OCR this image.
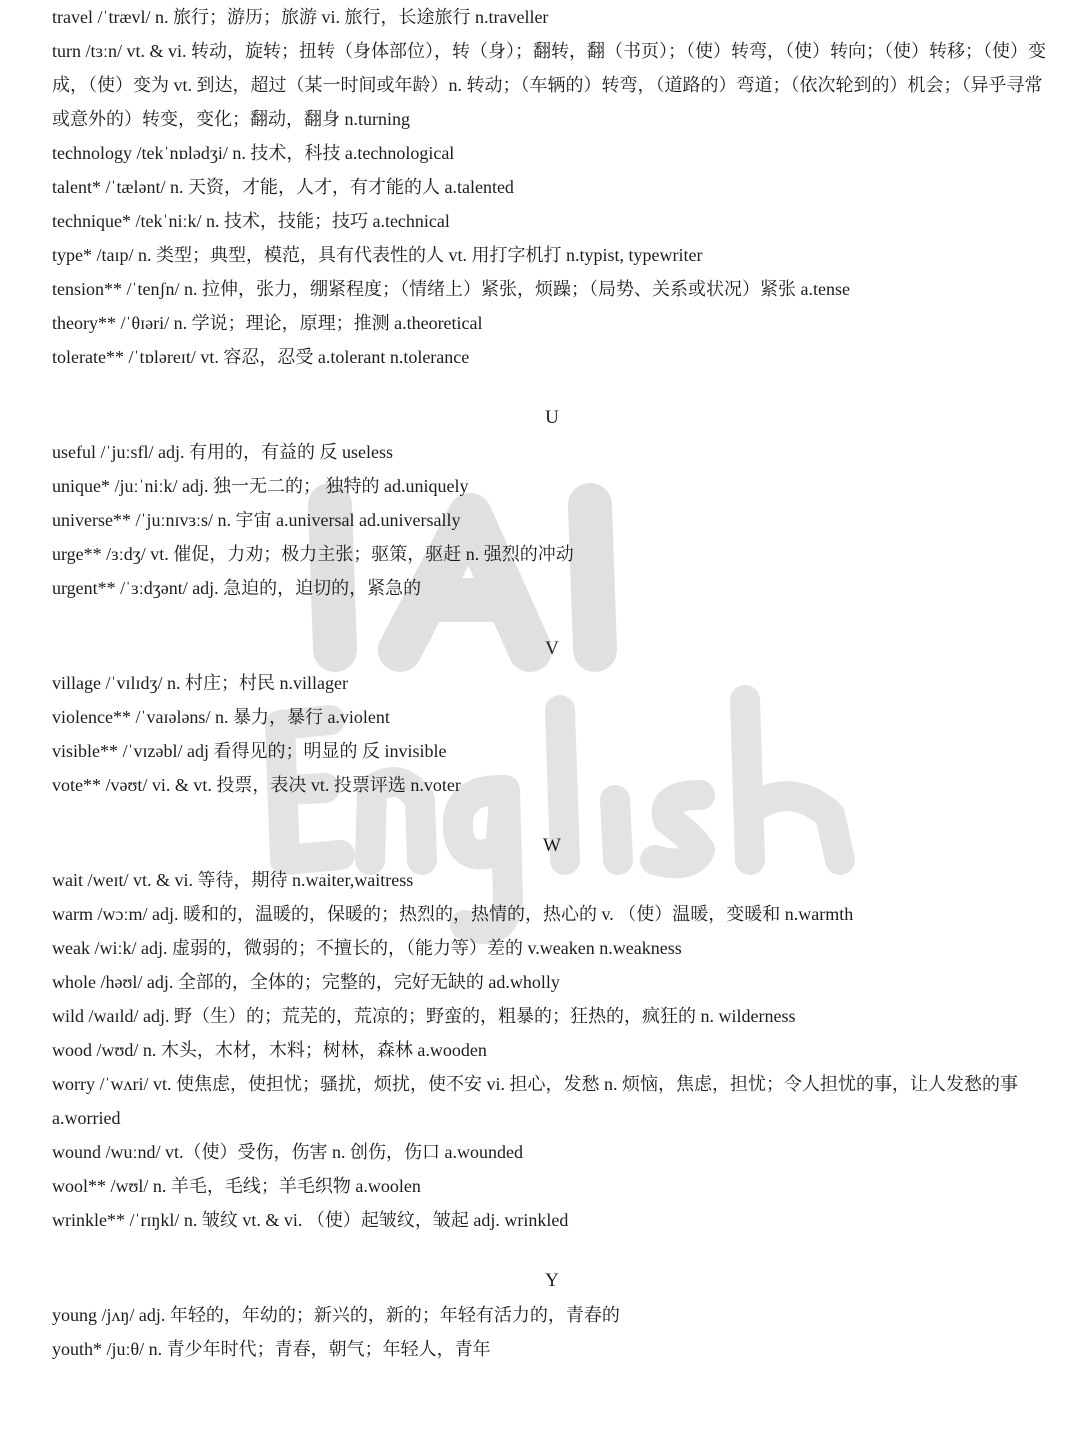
IAI
English
travel /ˈtrævl/ n. 旅行；游历；旅游 vi. 旅行，长途旅行 n.traveller
turn /tɜːn/ vt. & vi. 转动，旋转；扭转（身体部位），转（身）；翻转，翻（书页）；（使）转弯，（使）转向；（使）转移；（使）变成，（使）变为 vt. 到达，超过（某一时间或年龄）n. 转动；（车辆的）转弯，（道路的）弯道；（依次轮到的）机会；（异乎寻常或意外的）转变，变化；翻动，翻身 n.turning
technology /tekˈnɒlədʒi/ n. 技术，科技 a.technological
talent* /ˈtælənt/ n. 天资，才能，人才，有才能的人 a.talented
technique* /tekˈniːk/ n. 技术，技能；技巧 a.technical
type* /taɪp/ n. 类型；典型，模范，具有代表性的人 vt. 用打字机打 n.typist, typewriter
tension** /ˈtenʃn/ n. 拉伸，张力，绷紧程度；（情绪上）紧张，烦躁；（局势、关系或状况）紧张 a.tense
theory** /ˈθɪəri/ n. 学说；理论，原理；推测 a.theoretical
tolerate** /ˈtɒləreɪt/ vt. 容忍，忍受 a.tolerant n.tolerance
U
useful /ˈjuːsfl/ adj. 有用的，有益的 反 useless
unique* /juːˈniːk/ adj. 独一无二的； 独特的 ad.uniquely
universe** /ˈjuːnɪvɜːs/ n. 宇宙 a.universal ad.universally
urge** /ɜːdʒ/ vt. 催促，力劝；极力主张；驱策，驱赶 n. 强烈的冲动
urgent** /ˈɜːdʒənt/ adj. 急迫的，迫切的，紧急的
V
village /ˈvɪlɪdʒ/ n. 村庄；村民 n.villager
violence** /ˈvaɪələns/ n. 暴力，暴行 a.violent
visible** /ˈvɪzəbl/ adj 看得见的；明显的 反 invisible
vote** /vəʊt/ vi. & vt. 投票，表决 vt. 投票评选 n.voter
W
wait /weɪt/ vt. & vi. 等待，期待 n.waiter,waitress
warm /wɔːm/ adj. 暖和的，温暖的，保暖的；热烈的，热情的，热心的 v. （使）温暖，变暖和 n.warmth
weak /wiːk/ adj. 虚弱的，微弱的；不擅长的，（能力等）差的 v.weaken n.weakness
whole /həʊl/ adj. 全部的，全体的；完整的，完好无缺的 ad.wholly
wild /waɪld/ adj. 野（生）的；荒芜的，荒凉的；野蛮的，粗暴的；狂热的，疯狂的 n. wilderness
wood /wʊd/ n. 木头，木材，木料；树林，森林 a.wooden
worry /ˈwʌri/ vt. 使焦虑，使担忧；骚扰，烦扰，使不安 vi. 担心，发愁 n. 烦恼，焦虑，担忧；令人担忧的事，让人发愁的事 a.worried
wound /wuːnd/ vt.（使）受伤，伤害 n. 创伤，伤口 a.wounded
wool** /wʊl/ n. 羊毛，毛线；羊毛织物 a.woolen
wrinkle** /ˈrɪŋkl/ n. 皱纹 vt. & vi. （使）起皱纹，皱起 adj. wrinkled
Y
young /jʌŋ/ adj. 年轻的，年幼的；新兴的，新的；年轻有活力的，青春的
youth* /juːθ/ n. 青少年时代；青春，朝气；年轻人，青年
